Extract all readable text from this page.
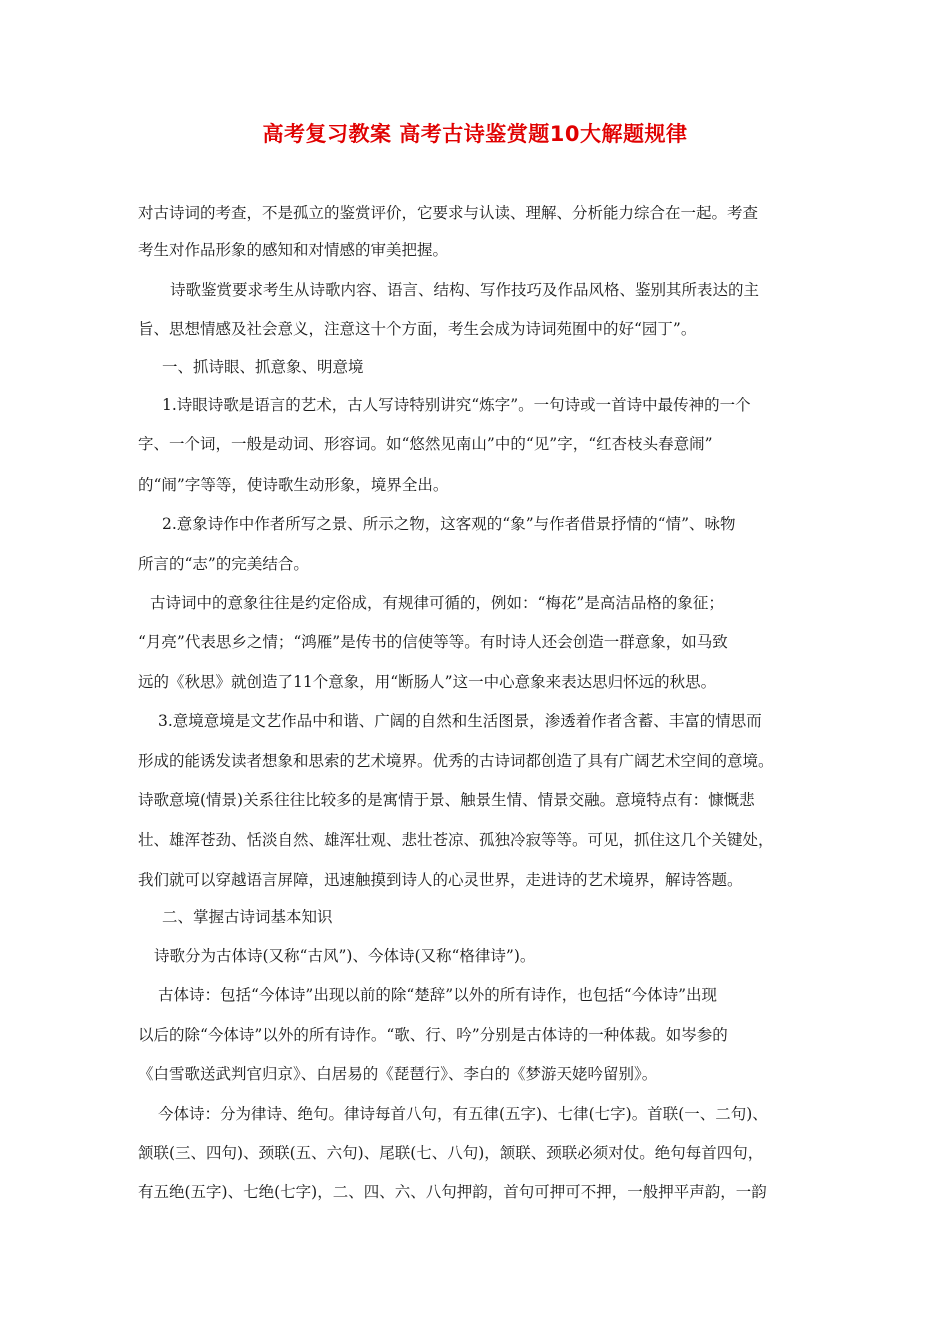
高考复习教案 高考古诗鉴赏题10大解题规律
对古诗词的考查，不是孤立的鉴赏评价，它要求与认读、理解、分析能力综合在一起。考查
考生对作品形象的感知和对情感的审美把握。
诗歌鉴赏要求考生从诗歌内容、语言、结构、写作技巧及作品风格、鉴别其所表达的主
旨、思想情感及社会意义，注意这十个方面，考生会成为诗词苑囿中的好“园丁”。
一、抓诗眼、抓意象、明意境
1.诗眼诗歌是语言的艺术，古人写诗特别讲究“炼字”。一句诗或一首诗中最传神的一个
字、一个词，一般是动词、形容词。如“悠然见南山”中的“见”字，“红杏枝头春意闹”
的“闹”字等等，使诗歌生动形象，境界全出。
2.意象诗作中作者所写之景、所示之物，这客观的“象”与作者借景抒情的“情”、咏物
所言的“志”的完美结合。
古诗词中的意象往往是约定俗成，有规律可循的，例如：“梅花”是高洁品格的象征；
“月亮”代表思乡之情；“鸿雁”是传书的信使等等。有时诗人还会创造一群意象，如马致
远的《秋思》就创造了11个意象，用“断肠人”这一中心意象来表达思归怀远的秋思。
3.意境意境是文艺作品中和谐、广阔的自然和生活图景，渗透着作者含蓄、丰富的情思而
形成的能诱发读者想象和思索的艺术境界。优秀的古诗词都创造了具有广阔艺术空间的意境。
诗歌意境(情景)关系往往比较多的是寓情于景、触景生情、情景交融。意境特点有：慷慨悲
壮、雄浑苍劲、恬淡自然、雄浑壮观、悲壮苍凉、孤独冷寂等等。可见，抓住这几个关键处，
我们就可以穿越语言屏障，迅速触摸到诗人的心灵世界，走进诗的艺术境界，解诗答题。
二、掌握古诗词基本知识
诗歌分为古体诗(又称“古风”)、今体诗(又称“格律诗”)。
古体诗：包括“今体诗”出现以前的除“楚辞”以外的所有诗作，也包括“今体诗”出现
以后的除“今体诗”以外的所有诗作。“歌、行、吟”分别是古体诗的一种体裁。如岑参的
《白雪歌送武判官归京》、白居易的《琵琶行》、李白的《梦游天姥吟留别》。
今体诗：分为律诗、绝句。律诗每首八句，有五律(五字)、七律(七字)。首联(一、二句)、
颔联(三、四句)、颈联(五、六句)、尾联(七、八句)，颔联、颈联必须对仗。绝句每首四句，
有五绝(五字)、七绝(七字)，二、四、六、八句押韵，首句可押可不押，一般押平声韵，一韵
